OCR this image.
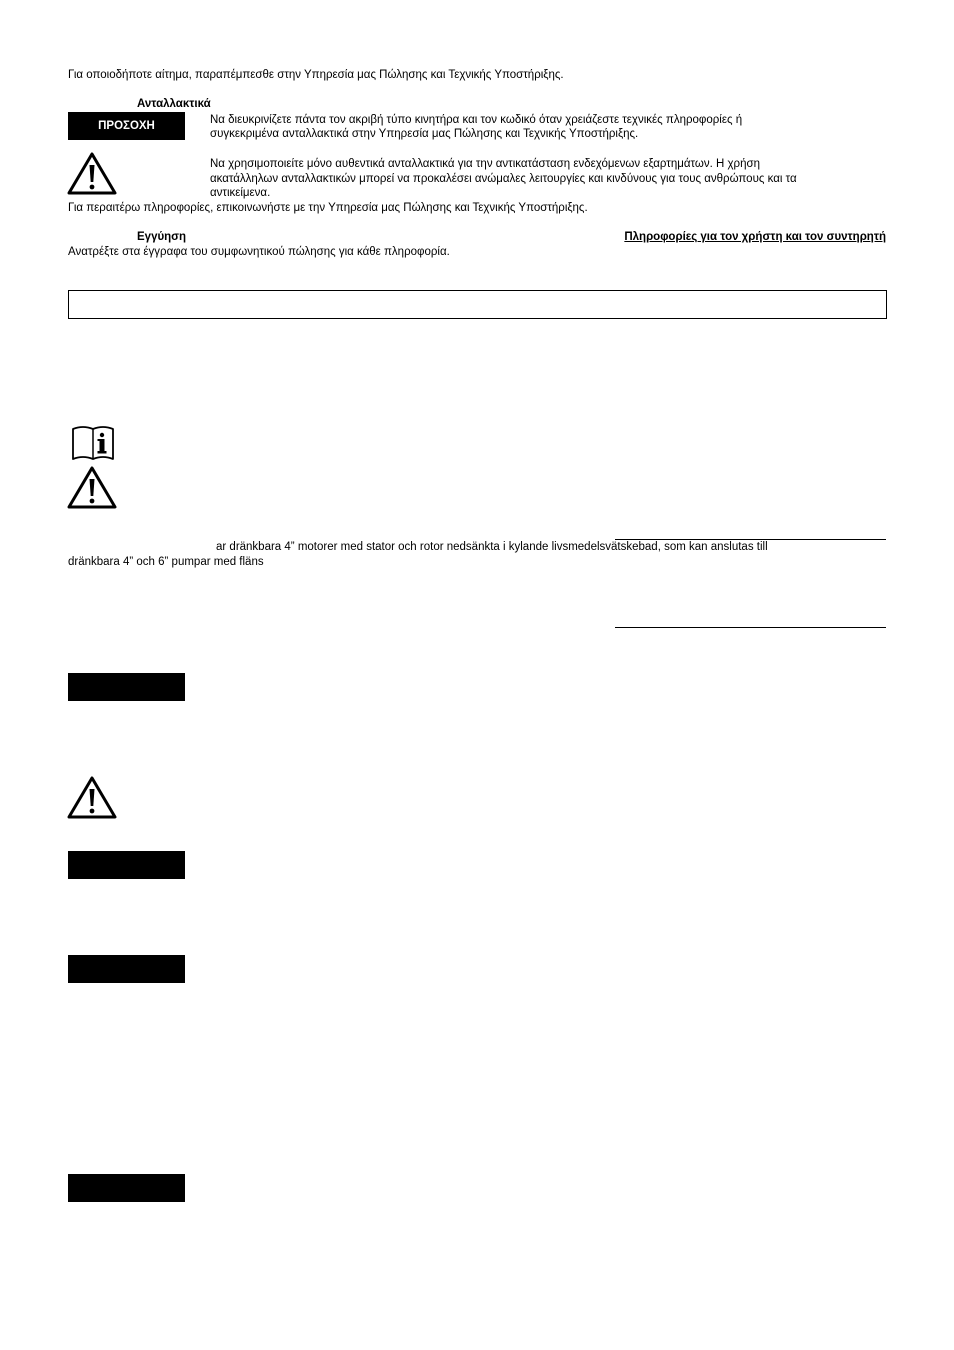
Για οποιοδήποτε αίτημα, παραπέμπεσθε στην Υπηρεσία μας Πώλησης και Τεχνικής Υποστήριξης.
Ανταλλακτικά
ΠΡΟΣΟΧΗ	Να διευκρινίζετε πάντα τον ακριβή τύπο κινητήρα και τον κωδικό όταν χρειάζεστε τεχνικές πληροφορίες ή
συγκεκριμένα ανταλλακτικά στην Υπηρεσία μας Πώλησης και Τεχνικής Υποστήριξης.
Να χρησιμοποιείτε μόνο αυθεντικά ανταλλακτικά για την αντικατάσταση ενδεχόμενων εξαρτημάτων. Η χρήση
ακατάλληλων ανταλλακτικών μπορεί να προκαλέσει ανώμαλες λειτουργίες και κινδύνους για τους ανθρώπους και τα
αντικείμενα.
Για περαιτέρω πληροφορίες, επικοινωνήστε με την Υπηρεσία μας Πώλησης και Τεχνικής Υποστήριξης.
Εγγύηση	Πληροφορίες για τον χρήστη και τον συντηρητή
Ανατρέξτε στα έγγραφα του συμφωνητικού πώλησης για κάθε πληροφορία.
ar dränkbara 4” motorer med stator och rotor nedsänkta i kylande livsmedelsvätskebad, som kan anslutas till
dränkbara 4” och 6” pumpar med fläns
